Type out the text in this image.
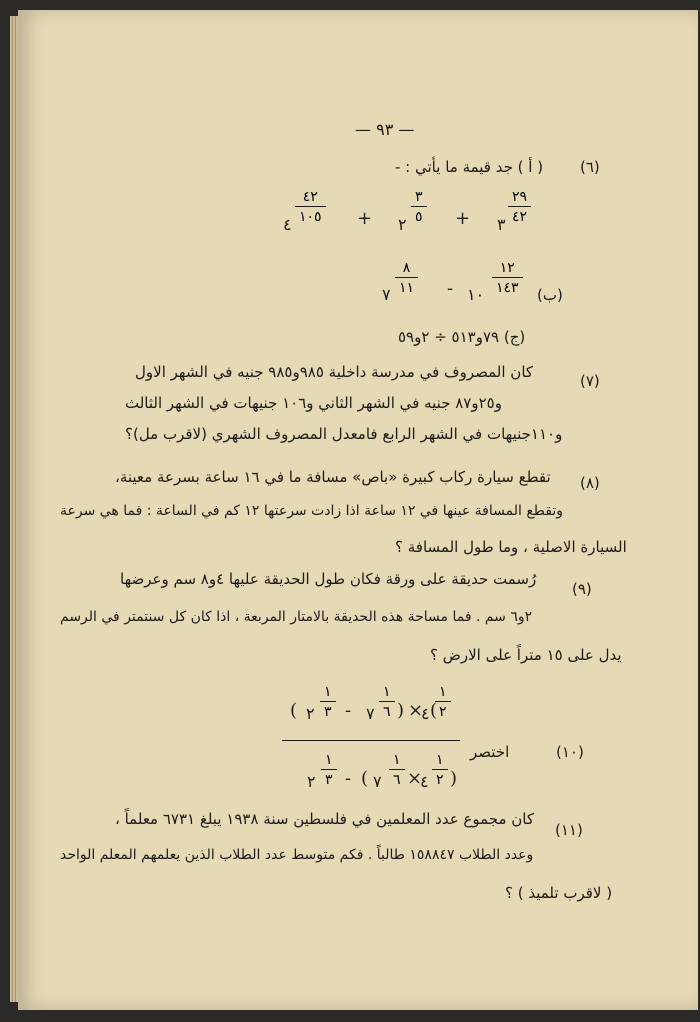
— ٩٣ —
(٦)
( أ ) جد قيمة ما يأتي : -
٣
٢٩
٤٢
+
٢
٣
٥
+
٤
٤٢
١٠٥
(ب)
١٠
١٢
١٤٣
-
٧
٨
١١
(ج) ٧٩و٥١٣ ÷ ٢و٥٩
(٧)
كان المصروف في مدرسة داخلية ٩٨٥و٩٨٥ جنيه في الشهر الاول
و٢٥و٨٧ جنيه في الشهر الثاني و١٠٦ جنيهات في الشهر الثالث
و١١٠جنيهات في الشهر الرابع فامعدل المصروف الشهري (لاقرب مل)؟
(٨)
تقطع سيارة ركاب كبيرة «باص» مسافة ما في ١٦ ساعة بسرعة معينة،
وتقطع المسافة عينها في ١٢ ساعة اذا زادت سرعتها ١٢ كم في الساعة : فما هي سرعة
السيارة الاصلية ، وما طول المسافة ؟
(٩)
رُسمت حديقة على ورقة فكان طول الحديقة عليها ٤و٨ سم وعرضها
٢و٦ سم . فما مساحة هذه الحديقة بالامتار المربعة ، اذا كان كل سنتمتر في الرسم
يدل على ١٥ متراً على الارض ؟
(١٠)
اختصر
(
١
٢
٤
×
)
١
٦
٧
-
١
٣
٢
(
)
١
٢
٤
×
١
٦
٧
(
-
١
٣
٢
(١١)
كان مجموع عدد المعلمين في فلسطين سنة ١٩٣٨ يبلغ ٦٧٣١ معلماً ،
وعدد الطلاب ١٥٨٨٤٧ طالباً . فكم متوسط عدد الطلاب الذين يعلمهم المعلم الواحد
( لاقرب تلميذ ) ؟
